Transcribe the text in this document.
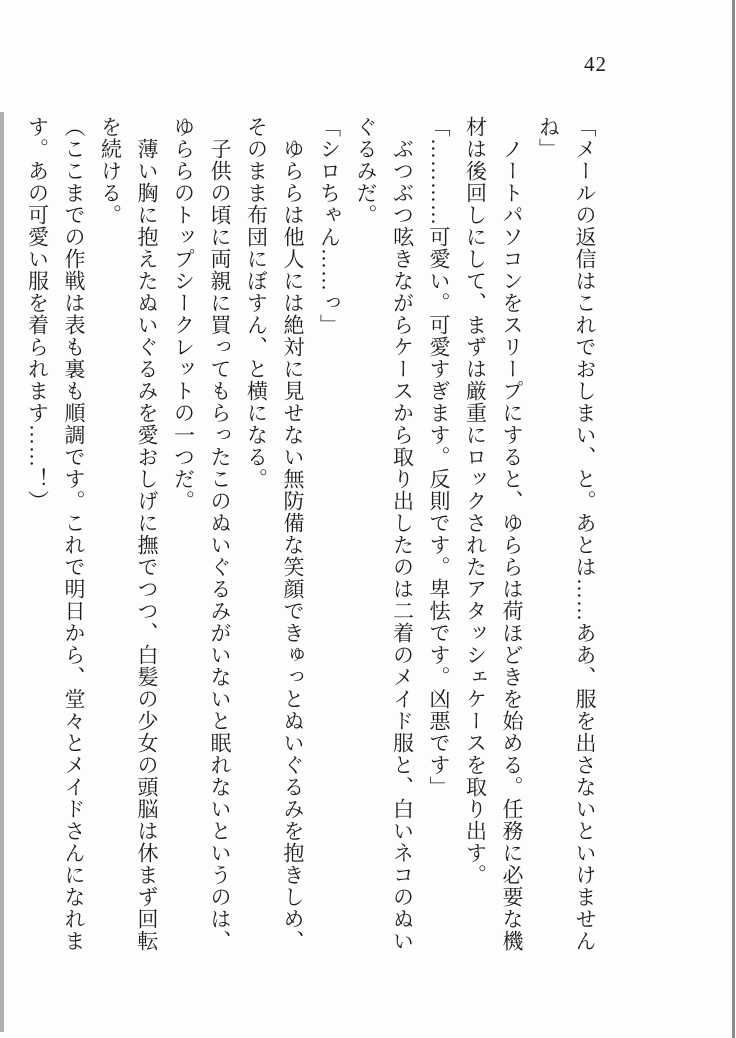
42

「メールの返信はこれでおしまい、と。あとは……ああ、服を出さないといけませんね」

　ノートパソコンをスリープにすると、ゆららは荷ほどきを始める。任務に必要な機材は後回しにして、まずは厳重にロックされたアタッシェケースを取り出す。

「…………可愛い。可愛すぎます。反則です。卑怯です。凶悪です」

　ぶつぶつ呟きながらケースから取り出したのは二着のメイド服と、白いネコのぬいぐるみだ。

「シロちゃん……っ」

　ゆららは他人には絶対に見せない無防備な笑顔できゅっとぬいぐるみを抱きしめ、そのまま布団にぼすん、と横になる。

　子供の頃に両親に買ってもらったこのぬいぐるみがいないと眠れないというのは、ゆららのトップシークレットの一つだ。

　薄い胸に抱えたぬいぐるみを愛おしげに撫でつつ、白髪の少女の頭脳は休まず回転を続ける。

（ここまでの作戦は表も裏も順調です。これで明日から、堂々とメイドさんになれます。あの可愛い服を着られます……！）
